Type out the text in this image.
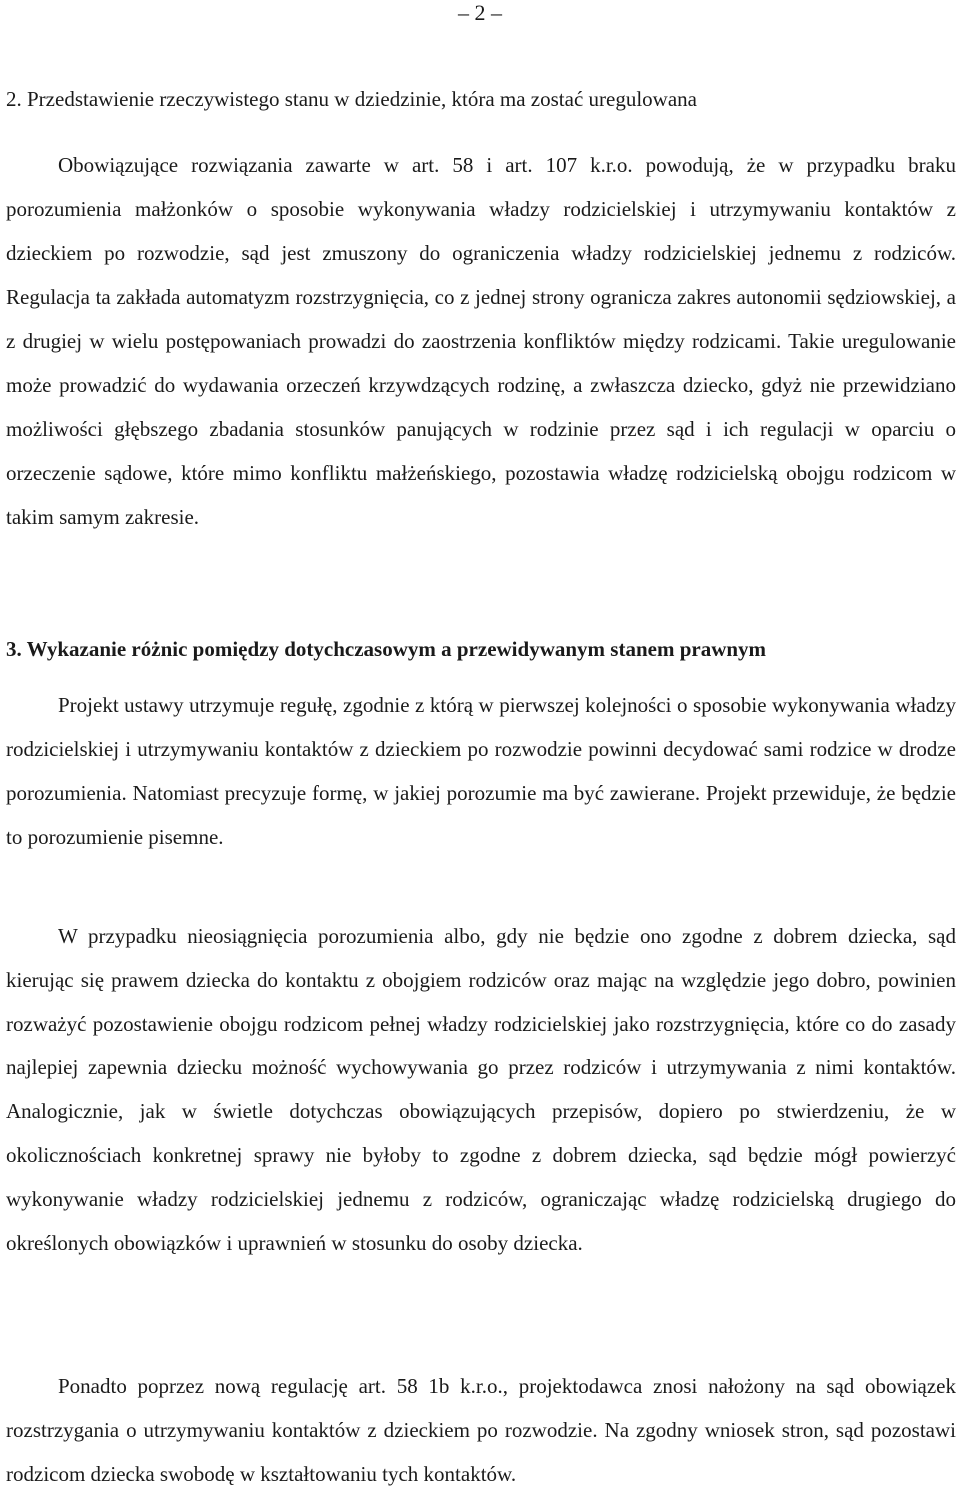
– 2 –
2. Przedstawienie rzeczywistego stanu w dziedzinie, która ma zostać uregulowana

Obowiązujące rozwiązania zawarte w art. 58 i art. 107 k.r.o. powodują, że w przypadku braku porozumienia małżonków o sposobie wykonywania władzy rodzicielskiej i utrzymywaniu kontaktów z dzieckiem po rozwodzie, sąd jest zmuszony do ograniczenia władzy rodzicielskiej jednemu z rodziców. Regulacja ta zakłada automatyzm rozstrzygnięcia, co z jednej strony ogranicza zakres autonomii sędziowskiej, a z drugiej w wielu postępowaniach prowadzi do zaostrzenia konfliktów między rodzicami. Takie uregulowanie może prowadzić do wydawania orzeczeń krzywdzących rodzinę, a zwłaszcza dziecko, gdyż nie przewidziano możliwości głębszego zbadania stosunków panujących w rodzinie przez sąd i ich regulacji w oparciu o orzeczenie sądowe, które mimo konfliktu małżeńskiego, pozostawia władzę rodzicielską obojgu rodzicom w takim samym zakresie.

3. Wykazanie różnic pomiędzy dotychczasowym a przewidywanym stanem prawnym

Projekt ustawy utrzymuje regułę, zgodnie z którą w pierwszej kolejności o sposobie wykonywania władzy rodzicielskiej i utrzymywaniu kontaktów z dzieckiem po rozwodzie powinni decydować sami rodzice w drodze porozumienia. Natomiast precyzuje formę, w jakiej porozumie ma być zawierane. Projekt przewiduje, że będzie to porozumienie pisemne.

W przypadku nieosiągnięcia porozumienia albo, gdy nie będzie ono zgodne z dobrem dziecka, sąd kierując się prawem dziecka do kontaktu z obojgiem rodziców oraz mając na względzie jego dobro, powinien rozważyć pozostawienie obojgu rodzicom pełnej władzy rodzicielskiej jako rozstrzygnięcia, które co do zasady najlepiej zapewnia dziecku możność wychowywania go przez rodziców i utrzymywania z nimi kontaktów. Analogicznie, jak w świetle dotychczas obowiązujących przepisów, dopiero po stwierdzeniu, że w okolicznościach konkretnej sprawy nie byłoby to zgodne z dobrem dziecka, sąd będzie mógł powierzyć wykonywanie władzy rodzicielskiej jednemu z rodziców, ograniczając władzę rodzicielską drugiego do określonych obowiązków i uprawnień w stosunku do osoby dziecka.

Ponadto poprzez nową regulację art. 58 1b k.r.o., projektodawca znosi nałożony na sąd obowiązek rozstrzygania o utrzymywaniu kontaktów z dzieckiem po rozwodzie. Na zgodny wniosek stron, sąd pozostawi rodzicom dziecka swobodę w kształtowaniu tych kontaktów.
